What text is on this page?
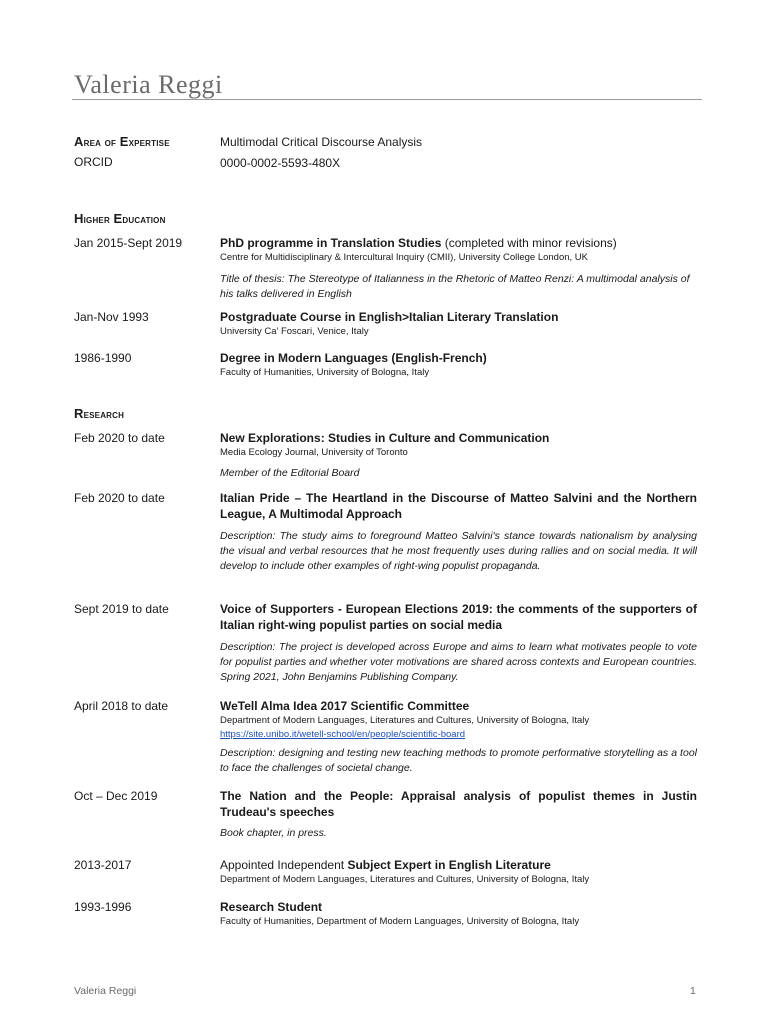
Valeria Reggi
Area of Expertise	Multimodal Critical Discourse Analysis
ORCID	0000-0002-5593-480X
Higher Education
Jan 2015-Sept 2019	PhD programme in Translation Studies (completed with minor revisions)
Centre for Multidisciplinary & Intercultural Inquiry (CMII), University College London, UK
Title of thesis: The Stereotype of Italianness in the Rhetoric of Matteo Renzi: A multimodal analysis of his talks delivered in English
Jan-Nov 1993	Postgraduate Course in English>Italian Literary Translation
University Ca' Foscari, Venice, Italy
1986-1990	Degree in Modern Languages (English-French)
Faculty of Humanities, University of Bologna, Italy
Research
Feb 2020 to date	New Explorations: Studies in Culture and Communication
Media Ecology Journal, University of Toronto
Member of the Editorial Board
Feb 2020 to date	Italian Pride – The Heartland in the Discourse of Matteo Salvini and the Northern League, A Multimodal Approach
Description: The study aims to foreground Matteo Salvini's stance towards nationalism by analysing the visual and verbal resources that he most frequently uses during rallies and on social media. It will develop to include other examples of right-wing populist propaganda.
Sept 2019 to date	Voice of Supporters - European Elections 2019: the comments of the supporters of Italian right-wing populist parties on social media
Description: The project is developed across Europe and aims to learn what motivates people to vote for populist parties and whether voter motivations are shared across contexts and European countries. Spring 2021, John Benjamins Publishing Company.
April 2018 to date	WeTell Alma Idea 2017 Scientific Committee
Department of Modern Languages, Literatures and Cultures, University of Bologna, Italy
https://site.unibo.it/wetell-school/en/people/scientific-board
Description: designing and testing new teaching methods to promote performative storytelling as a tool to face the challenges of societal change.
Oct – Dec 2019	The Nation and the People: Appraisal analysis of populist themes in Justin Trudeau's speeches
Book chapter, in press.
2013-2017	Appointed Independent Subject Expert in English Literature
Department of Modern Languages, Literatures and Cultures, University of Bologna, Italy
1993-1996	Research Student
Faculty of Humanities, Department of Modern Languages, University of Bologna, Italy
Valeria Reggi	1
